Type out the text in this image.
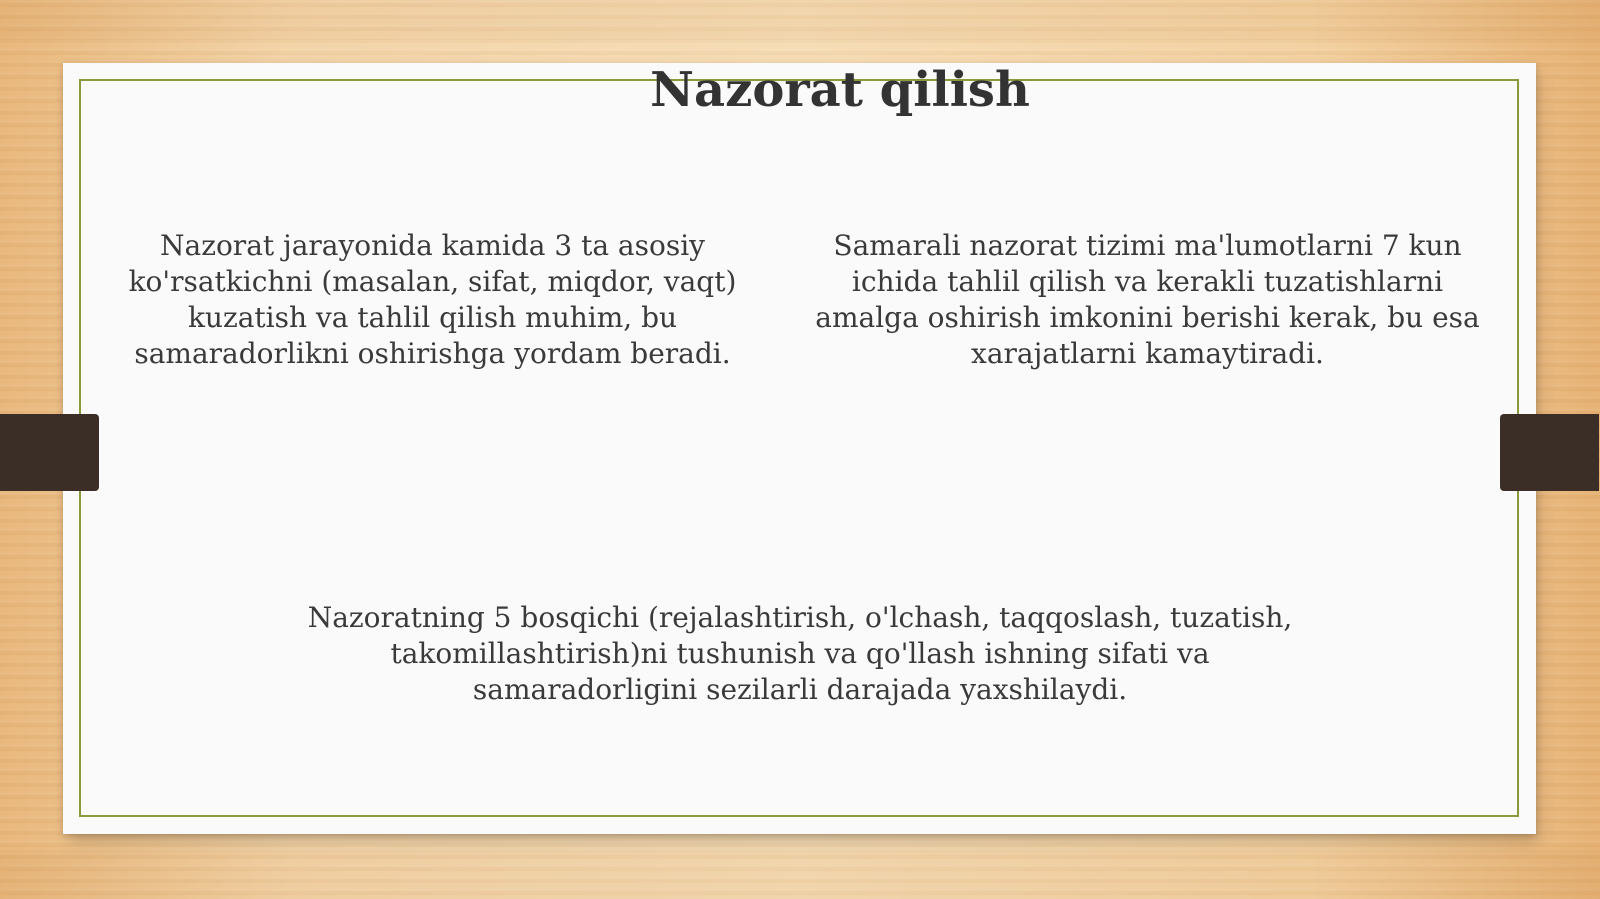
Nazorat qilish
Nazorat jarayonida kamida 3 ta asosiy ko'rsatkichni (masalan, sifat, miqdor, vaqt) kuzatish va tahlil qilish muhim, bu samaradorlikni oshirishga yordam beradi.
Samarali nazorat tizimi ma'lumotlarni 7 kun ichida tahlil qilish va kerakli tuzatishlarni amalga oshirish imkonini berishi kerak, bu esa xarajatlarni kamaytiradi.
Nazoratning 5 bosqichi (rejalashtirish, o'lchash, taqqoslash, tuzatish, takomillashtirish)ni tushunish va qo'llash ishning sifati va samaradorligini sezilarli darajada yaxshilaydi.
